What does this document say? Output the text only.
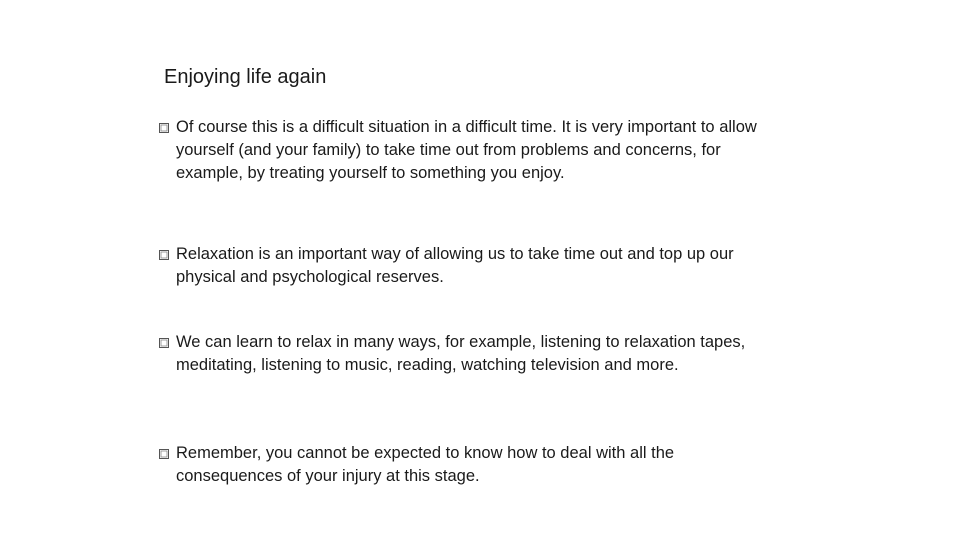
Enjoying life again
Of course this is a difficult situation in a difficult time. It is very important to allow yourself (and your family) to take time out from problems and concerns, for example, by treating yourself to something you enjoy.
Relaxation is an important way of allowing us to take time out and top up our physical and psychological reserves.
We can learn to relax in many ways, for example, listening to relaxation tapes, meditating, listening to music, reading, watching television and more.
Remember, you cannot be expected to know how to deal with all the consequences of your injury at this stage.
